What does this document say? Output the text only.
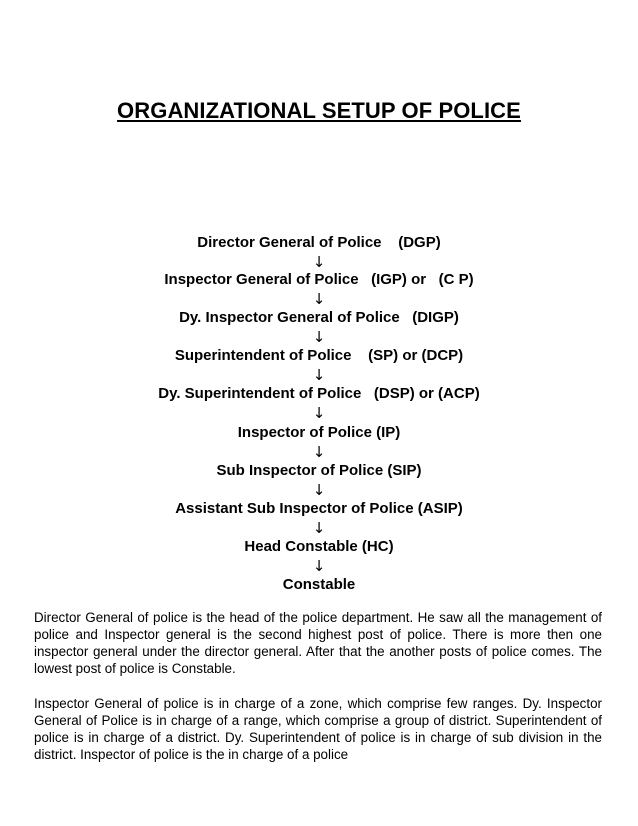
ORGANIZATIONAL SETUP OF POLICE
Director General of Police    (DGP)
↓
Inspector General of Police   (IGP) or   (C P)
↓
Dy. Inspector General of Police   (DIGP)
↓
Superintendent of Police    (SP) or (DCP)
↓
Dy. Superintendent of Police   (DSP) or (ACP)
↓
Inspector of Police (IP)
↓
Sub Inspector of Police (SIP)
↓
Assistant Sub Inspector of Police (ASIP)
↓
Head Constable (HC)
↓
Constable

Director General of police is the head of the police department. He saw all the management of police and Inspector general is the second highest post of police. There is more then one inspector general under the director general. After that the another posts of police comes. The lowest post of police is Constable.

Inspector General of police is in charge of a zone, which comprise few ranges. Dy. Inspector General of Police is in charge of a range, which comprise a group of district. Superintendent of police is in charge of a district. Dy. Superintendent of police is in charge of sub division in the district. Inspector of police is the in charge of a police
